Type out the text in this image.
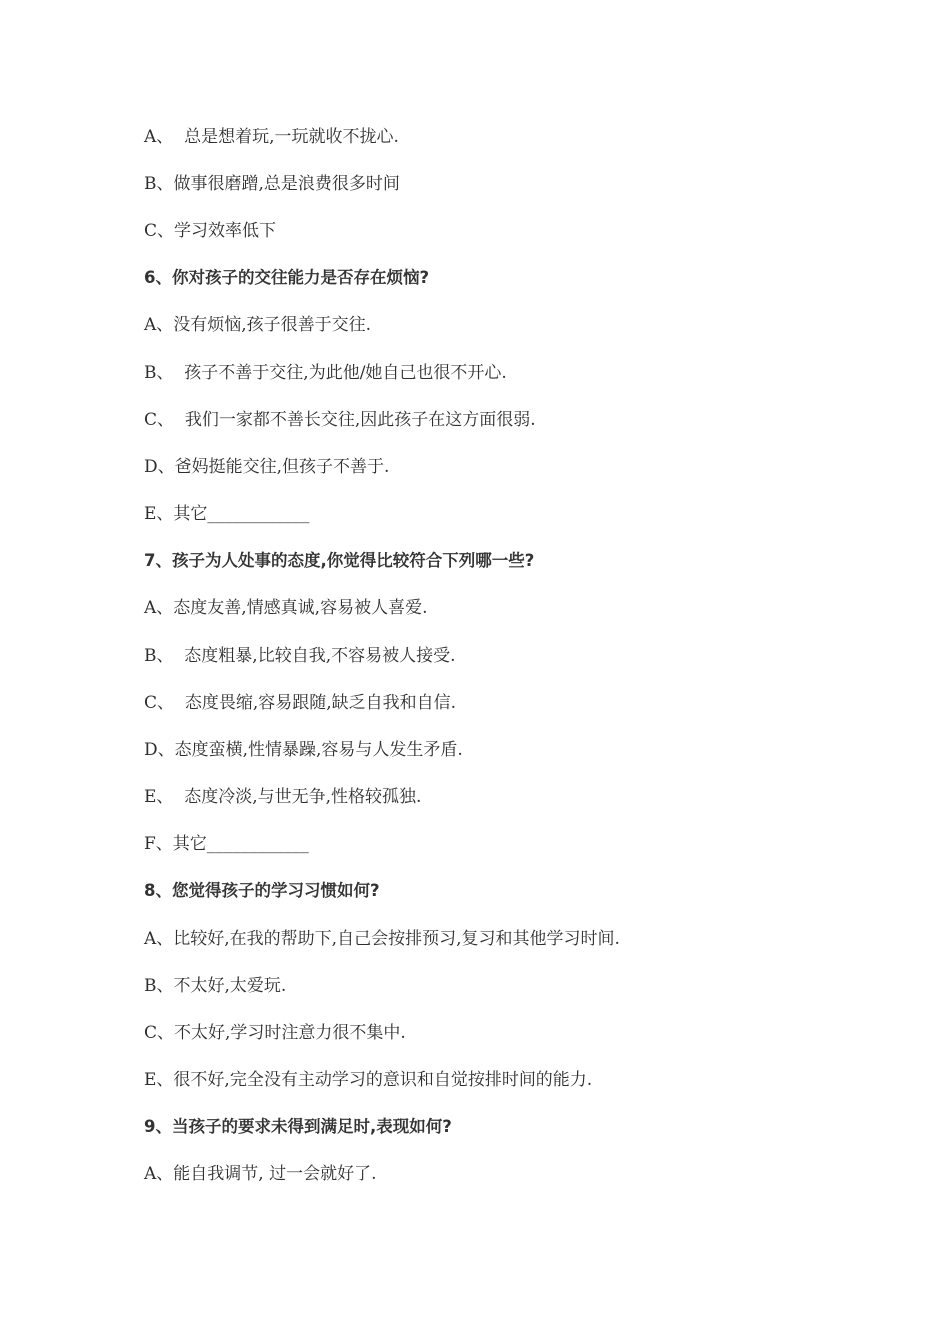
A、  总是想着玩,一玩就收不拢心.
B、做事很磨蹭,总是浪费很多时间
C、学习效率低下
6、你对孩子的交往能力是否存在烦恼?
A、没有烦恼,孩子很善于交往.
B、  孩子不善于交往,为此他/她自己也很不开心.
C、  我们一家都不善长交往,因此孩子在这方面很弱.
D、爸妈挺能交往,但孩子不善于.
E、其它____________
7、孩子为人处事的态度,你觉得比较符合下列哪一些?
A、态度友善,情感真诚,容易被人喜爱.
B、  态度粗暴,比较自我,不容易被人接受.
C、  态度畏缩,容易跟随,缺乏自我和自信.
D、态度蛮横,性情暴躁,容易与人发生矛盾.
E、  态度冷淡,与世无争,性格较孤独.
F、其它____________
8、您觉得孩子的学习习惯如何?
A、比较好,在我的帮助下,自己会按排预习,复习和其他学习时间.
B、不太好,太爱玩.
C、不太好,学习时注意力很不集中.
E、很不好,完全没有主动学习的意识和自觉按排时间的能力.
9、当孩子的要求未得到满足时,表现如何?
A、能自我调节, 过一会就好了.
